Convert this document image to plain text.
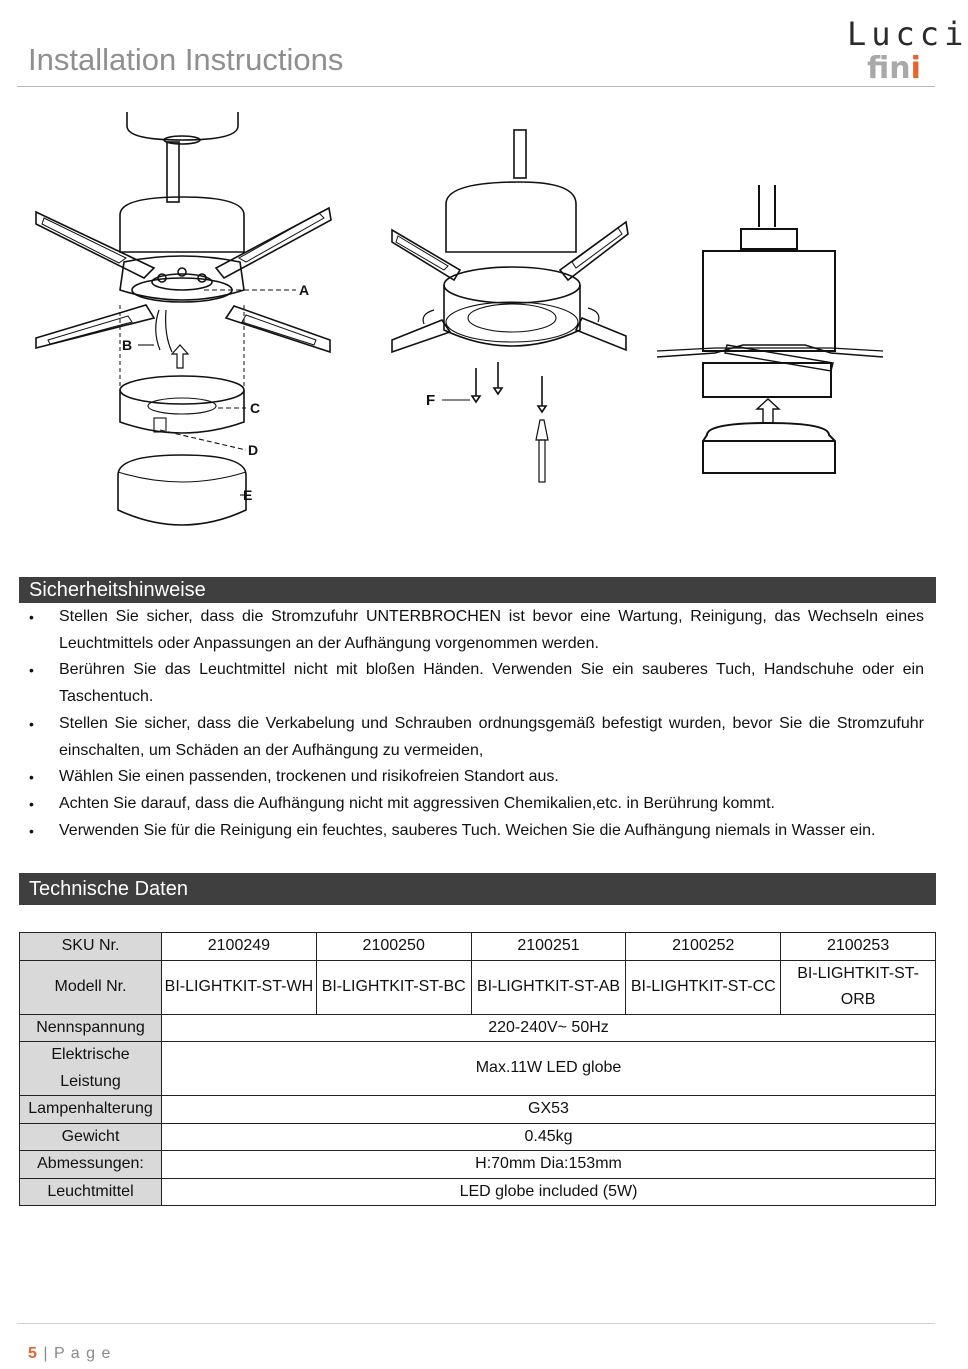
Installation Instructions
Lucci
fini
A
B
C
D
E
F
Sicherheitshinweise
• Stellen Sie sicher, dass die Stromzufuhr UNTERBROCHEN ist bevor eine Wartung, Reinigung, das Wechseln eines Leuchtmittels oder Anpassungen an der Aufhängung vorgenommen werden.
• Berühren Sie das Leuchtmittel nicht mit bloßen Händen. Verwenden Sie ein sauberes Tuch, Handschuhe oder ein Taschentuch.
• Stellen Sie sicher, dass die Verkabelung und Schrauben ordnungsgemäß befestigt wurden, bevor Sie die Stromzufuhr einschalten, um Schäden an der Aufhängung zu vermeiden,
• Wählen Sie einen passenden, trockenen und risikofreien Standort aus.
• Achten Sie darauf, dass die Aufhängung nicht mit aggressiven Chemikalien,etc. in Berührung kommt.
• Verwenden Sie für die Reinigung ein feuchtes, sauberes Tuch. Weichen Sie die Aufhängung niemals in Wasser ein.
Technische Daten
SKU Nr.	2100249	2100250	2100251	2100252	2100253
Modell Nr.	BI-LIGHTKIT-ST-WH	BI-LIGHTKIT-ST-BC	BI-LIGHTKIT-ST-AB	BI-LIGHTKIT-ST-CC	BI-LIGHTKIT-ST-ORB
Nennspannung	220-240V~ 50Hz				
Elektrische Leistung	Max.11W LED globe				
Lampenhalterung	GX53				
Gewicht	0.45kg				
Abmessungen:	H:70mm Dia:153mm				
Leuchtmittel	LED globe included (5W)				
5 | P a g e
